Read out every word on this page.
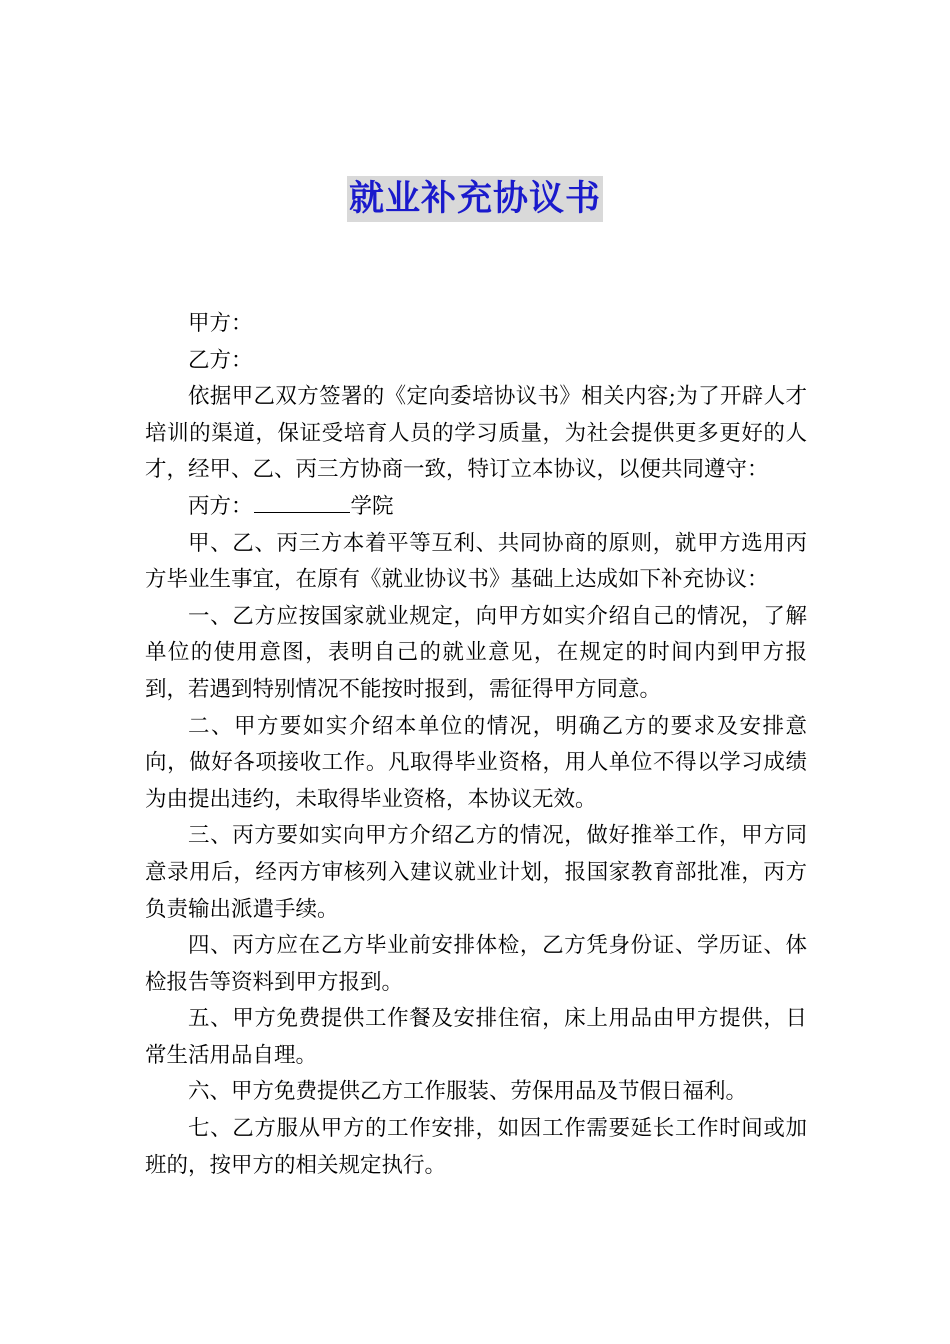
就业补充协议书

甲方：

乙方：

依据甲乙双方签署的《定向委培协议书》相关内容;为了开辟人才培训的渠道，保证受培育人员的学习质量，为社会提供更多更好的人才，经甲、乙、丙三方协商一致，特订立本协议，以便共同遵守：

丙方：	学院

甲、乙、丙三方本着平等互利、共同协商的原则，就甲方选用丙方毕业生事宜，在原有《就业协议书》基础上达成如下补充协议：

一、乙方应按国家就业规定，向甲方如实介绍自己的情况，了解单位的使用意图，表明自己的就业意见，在规定的时间内到甲方报到，若遇到特别情况不能按时报到，需征得甲方同意。

二、甲方要如实介绍本单位的情况，明确乙方的要求及安排意向，做好各项接收工作。凡取得毕业资格，用人单位不得以学习成绩为由提出违约，未取得毕业资格，本协议无效。

三、丙方要如实向甲方介绍乙方的情况，做好推举工作，甲方同意录用后，经丙方审核列入建议就业计划，报国家教育部批准，丙方负责输出派遣手续。

四、丙方应在乙方毕业前安排体检，乙方凭身份证、学历证、体检报告等资料到甲方报到。

五、甲方免费提供工作餐及安排住宿，床上用品由甲方提供，日常生活用品自理。

六、甲方免费提供乙方工作服装、劳保用品及节假日福利。

七、乙方服从甲方的工作安排，如因工作需要延长工作时间或加班的，按甲方的相关规定执行。
